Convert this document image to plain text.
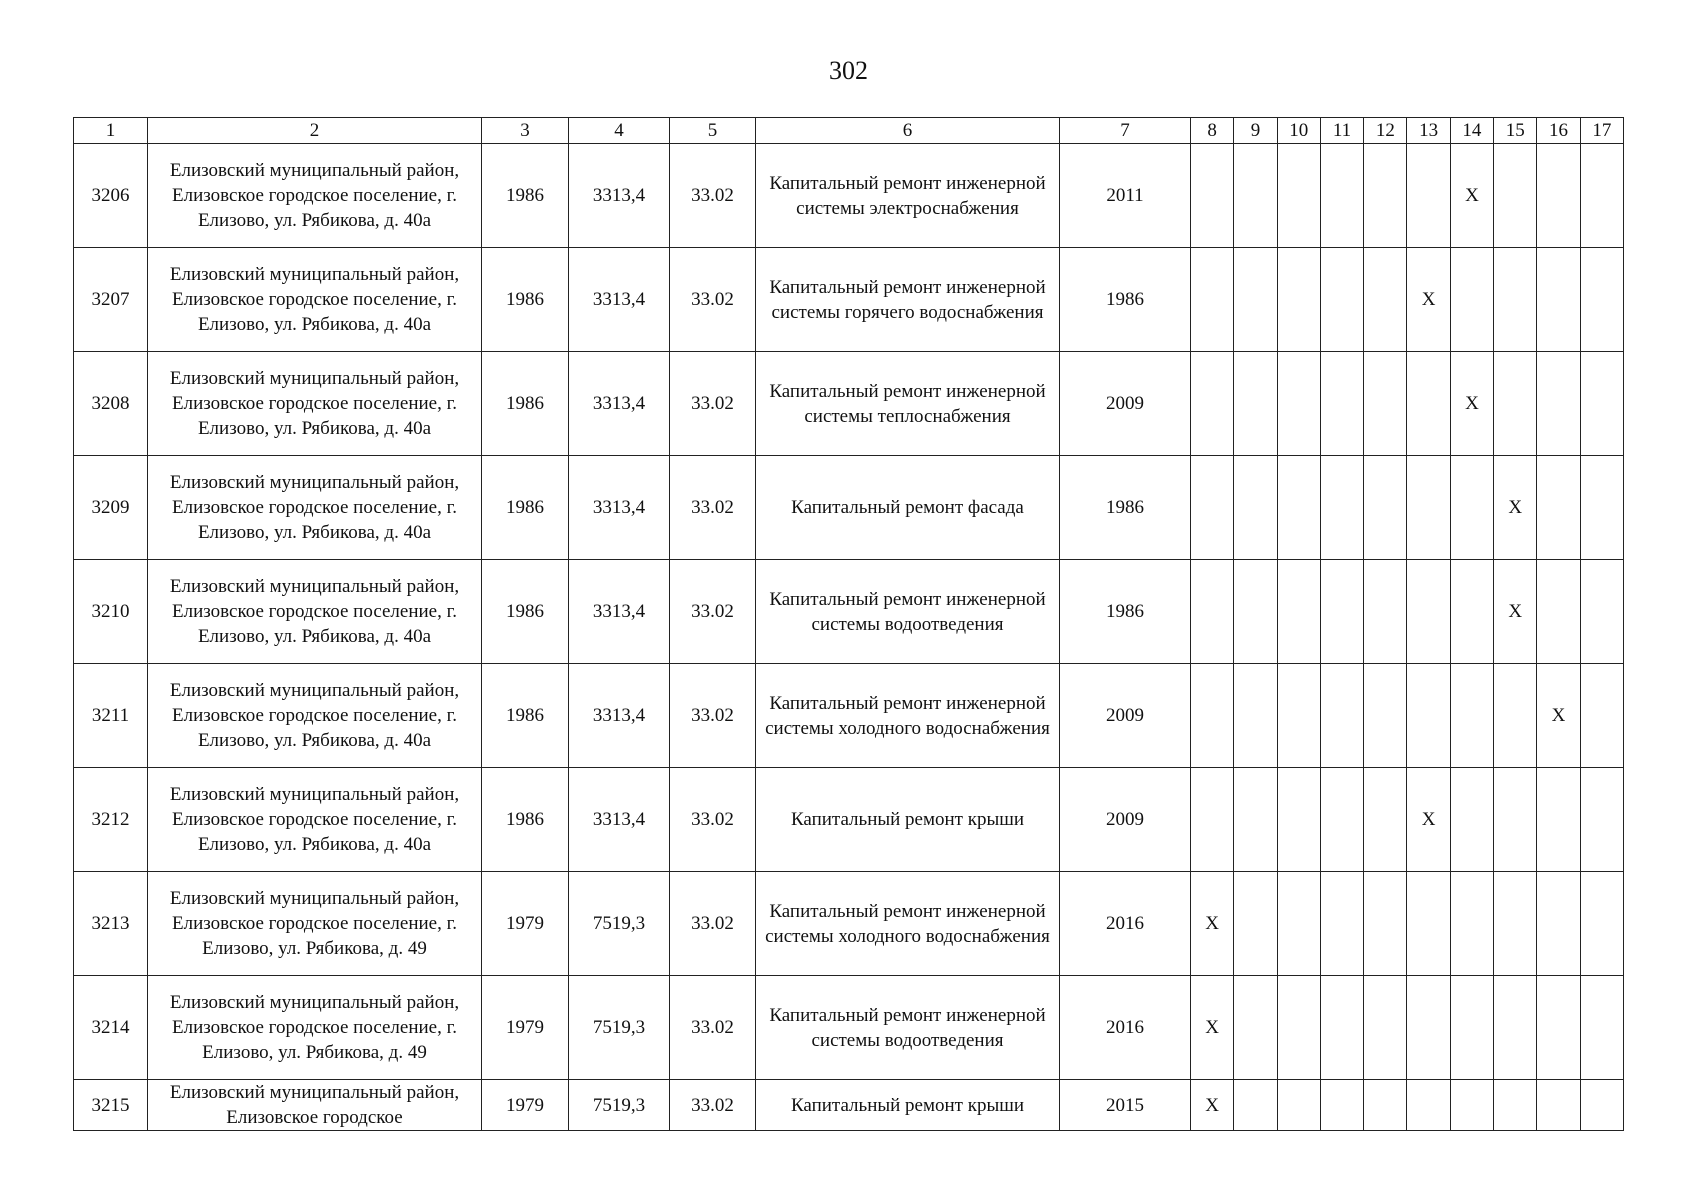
302
1	2	3	4	5	6	7	8	9	10	11	12	13	14	15	16	17
3206	Елизовский муниципальный район, Елизовское городское поселение, г. Елизово, ул. Рябикова, д. 40а	1986	3313,4	33.02	Капитальный ремонт инженерной системы электроснабжения	2011							X			
3207	Елизовский муниципальный район, Елизовское городское поселение, г. Елизово, ул. Рябикова, д. 40а	1986	3313,4	33.02	Капитальный ремонт инженерной системы горячего водоснабжения	1986						X				
3208	Елизовский муниципальный район, Елизовское городское поселение, г. Елизово, ул. Рябикова, д. 40а	1986	3313,4	33.02	Капитальный ремонт инженерной системы теплоснабжения	2009							X			
3209	Елизовский муниципальный район, Елизовское городское поселение, г. Елизово, ул. Рябикова, д. 40а	1986	3313,4	33.02	Капитальный ремонт фасада	1986								X		
3210	Елизовский муниципальный район, Елизовское городское поселение, г. Елизово, ул. Рябикова, д. 40а	1986	3313,4	33.02	Капитальный ремонт инженерной системы водоотведения	1986								X		
3211	Елизовский муниципальный район, Елизовское городское поселение, г. Елизово, ул. Рябикова, д. 40а	1986	3313,4	33.02	Капитальный ремонт инженерной системы холодного водоснабжения	2009									X	
3212	Елизовский муниципальный район, Елизовское городское поселение, г. Елизово, ул. Рябикова, д. 40а	1986	3313,4	33.02	Капитальный ремонт крыши	2009						X				
3213	Елизовский муниципальный район, Елизовское городское поселение, г. Елизово, ул. Рябикова, д. 49	1979	7519,3	33.02	Капитальный ремонт инженерной системы холодного водоснабжения	2016	X									
3214	Елизовский муниципальный район, Елизовское городское поселение, г. Елизово, ул. Рябикова, д. 49	1979	7519,3	33.02	Капитальный ремонт инженерной системы водоотведения	2016	X									
3215	Елизовский муниципальный район, Елизовское городское	1979	7519,3	33.02	Капитальный ремонт крыши	2015	X									
